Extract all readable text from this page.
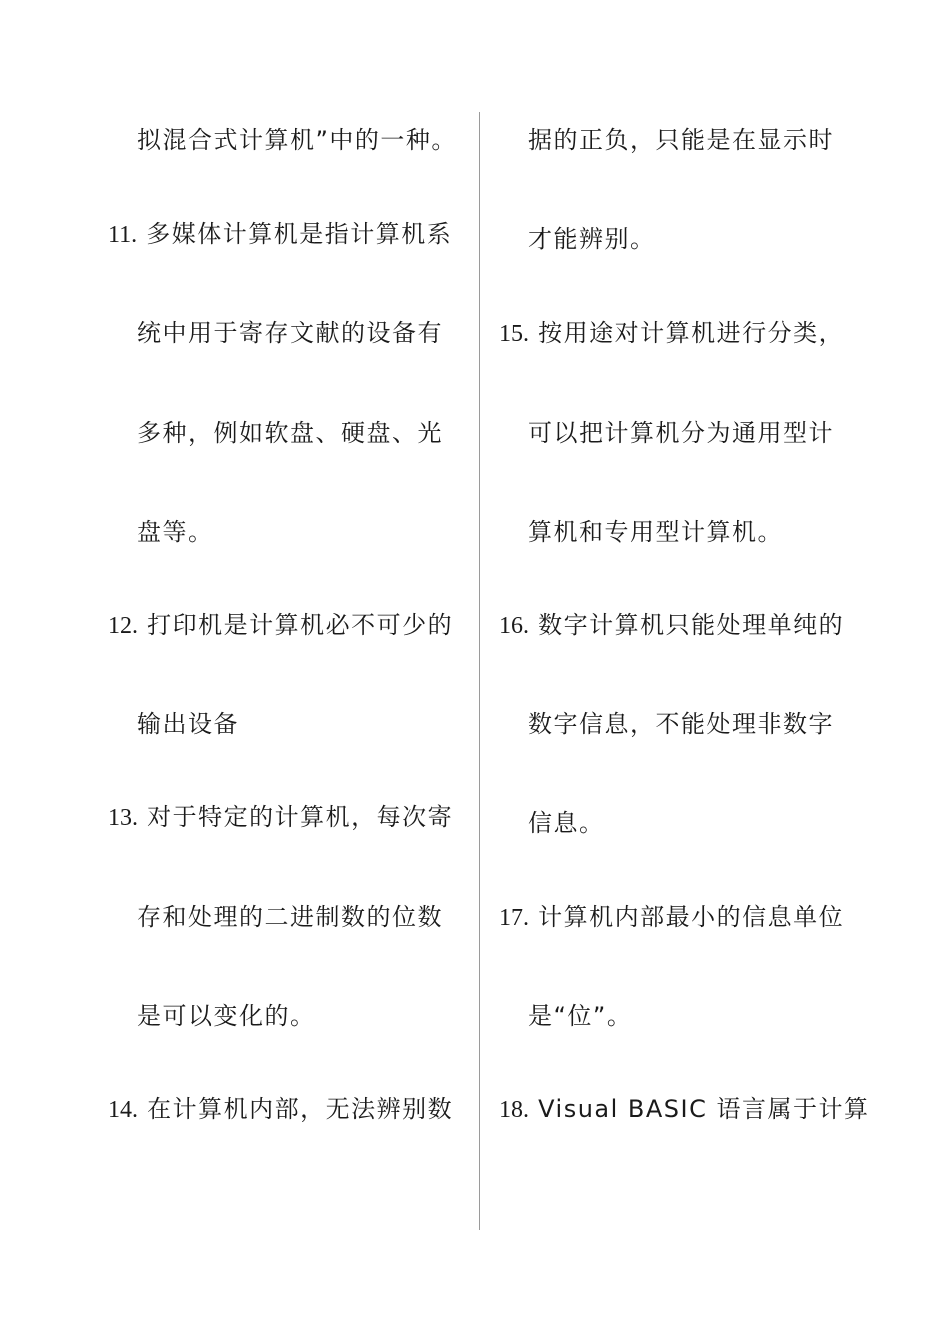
拟混合式计算机”中的一种。
11. 多媒体计算机是指计算机系
统中用于寄存文献的设备有
多种，例如软盘、硬盘、光
盘等。
12. 打印机是计算机必不可少的
输出设备
13. 对于特定的计算机，每次寄
存和处理的二进制数的位数
是可以变化的。
14. 在计算机内部，无法辨别数
据的正负，只能是在显示时
才能辨别。
15. 按用途对计算机进行分类，
可以把计算机分为通用型计
算机和专用型计算机。
16. 数字计算机只能处理单纯的
数字信息，不能处理非数字
信息。
17. 计算机内部最小的信息单位
是“位”。
18. Visual BASIC 语言属于计算
